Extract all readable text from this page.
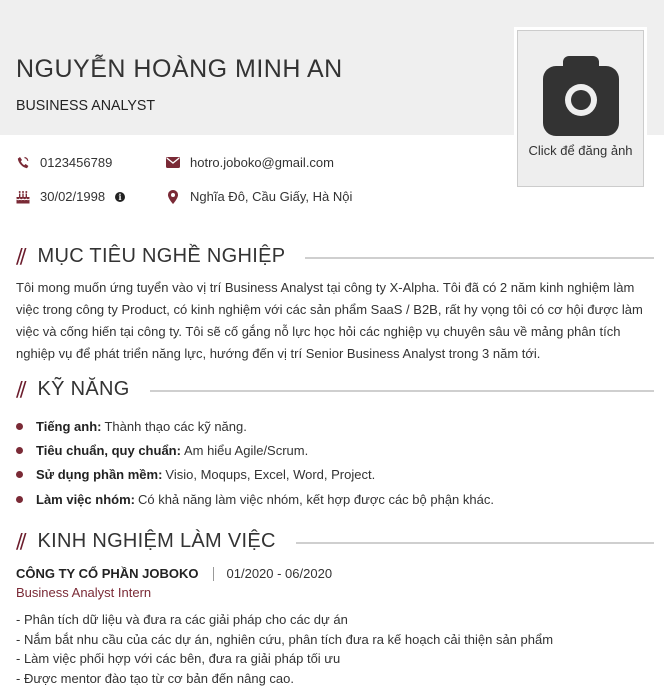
NGUYỄN HOÀNG MINH AN
BUSINESS ANALYST
Click để đăng ảnh
0123456789	hotro.joboko@gmail.com
30/02/1998	i	Nghĩa Đô, Cầu Giấy, Hà Nội
// MỤC TIÊU NGHỀ NGHIỆP

Tôi mong muốn ứng tuyển vào vị trí Business Analyst tại công ty X-Alpha. Tôi đã có 2 năm kinh nghiệm làm việc trong công ty Product, có kinh nghiệm với các sản phẩm SaaS / B2B, rất hy vọng tôi có cơ hội được làm việc và cống hiến tại công ty. Tôi sẽ cố gắng nỗ lực học hỏi các nghiệp vụ chuyên sâu về mảng phân tích nghiệp vụ để phát triển năng lực, hướng đến vị trí Senior Business Analyst trong 3 năm tới.

// KỸ NĂNG
Tiếng anh: Thành thạo các kỹ năng.
Tiêu chuẩn, quy chuẩn: Am hiểu Agile/Scrum.
Sử dụng phần mềm: Visio, Moqups, Excel, Word, Project.
Làm việc nhóm: Có khả năng làm việc nhóm, kết hợp được các bộ phận khác.
// KINH NGHIỆM LÀM VIỆC
CÔNG TY CỔ PHẦN JOBOKO 01/2020 - 06/2020
Business Analyst Intern
- Phân tích dữ liệu và đưa ra các giải pháp cho các dự án
- Nắm bắt nhu cầu của các dự án, nghiên cứu, phân tích đưa ra kế hoạch cải thiện sản phẩm
- Làm việc phối hợp với các bên, đưa ra giải pháp tối ưu
- Được mentor đào tạo từ cơ bản đến nâng cao.
